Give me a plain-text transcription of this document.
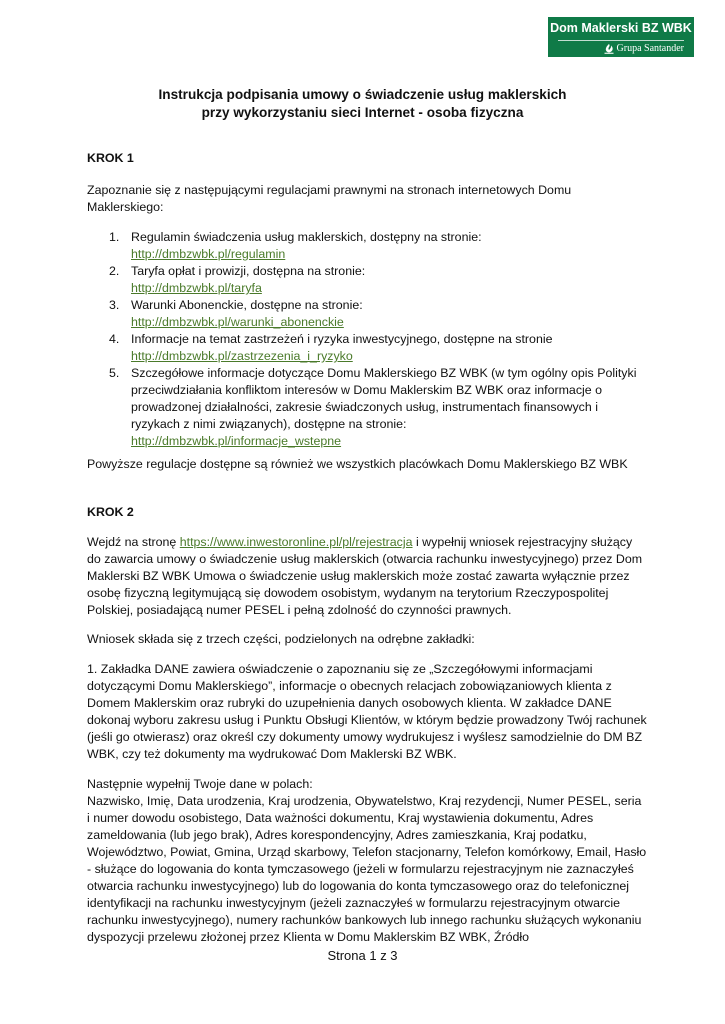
Dom Maklerski BZ WBK
Grupa Santander
Instrukcja podpisania umowy o świadczenie usług maklerskich
przy wykorzystaniu sieci Internet - osoba fizyczna

KROK 1

Zapoznanie się z następującymi regulacjami prawnymi na stronach internetowych Domu Maklerskiego:

1. Regulamin świadczenia usług maklerskich, dostępny na stronie:
http://dmbzwbk.pl/regulamin
2. Taryfa opłat i prowizji, dostępna na stronie:
http://dmbzwbk.pl/taryfa
3. Warunki Abonenckie, dostępne na stronie:
http://dmbzwbk.pl/warunki_abonenckie
4. Informacje na temat zastrzeżeń i ryzyka inwestycyjnego, dostępne na stronie
http://dmbzwbk.pl/zastrzezenia_i_ryzyko
5. Szczegółowe informacje dotyczące Domu Maklerskiego BZ WBK (w tym ogólny opis Polityki przeciwdziałania konfliktom interesów w Domu Maklerskim BZ WBK oraz informacje o prowadzonej działalności, zakresie świadczonych usług, instrumentach finansowych i ryzykach z nimi związanych), dostępne na stronie:
http://dmbzwbk.pl/informacje_wstepne

Powyższe regulacje dostępne są również we wszystkich placówkach Domu Maklerskiego BZ WBK

KROK 2

Wejdź na stronę https://www.inwestoronline.pl/pl/rejestracja i wypełnij wniosek rejestracyjny służący do zawarcia umowy o świadczenie usług maklerskich (otwarcia rachunku inwestycyjnego) przez Dom Maklerski BZ WBK Umowa o świadczenie usług maklerskich może zostać zawarta wyłącznie przez osobę fizyczną legitymującą się dowodem osobistym, wydanym na terytorium Rzeczypospolitej Polskiej, posiadającą numer PESEL i pełną zdolność do czynności prawnych.

Wniosek składa się z trzech części, podzielonych na odrębne zakładki:

1. Zakładka DANE zawiera oświadczenie o zapoznaniu się ze „Szczegółowymi informacjami dotyczącymi Domu Maklerskiego”, informacje o obecnych relacjach zobowiązaniowych klienta z Domem Maklerskim oraz rubryki do uzupełnienia danych osobowych klienta. W zakładce DANE dokonaj wyboru zakresu usług i Punktu Obsługi Klientów, w którym będzie prowadzony Twój rachunek (jeśli go otwierasz) oraz określ czy dokumenty umowy wydrukujesz i wyślesz samodzielnie do DM BZ WBK, czy też dokumenty ma wydrukować Dom Maklerski BZ WBK.

Następnie wypełnij Twoje dane w polach:
Nazwisko, Imię, Data urodzenia, Kraj urodzenia, Obywatelstwo, Kraj rezydencji, Numer PESEL, seria i numer dowodu osobistego, Data ważności dokumentu, Kraj wystawienia dokumentu, Adres zameldowania (lub jego brak), Adres korespondencyjny, Adres zamieszkania, Kraj podatku, Województwo, Powiat, Gmina, Urząd skarbowy, Telefon stacjonarny, Telefon komórkowy, Email, Hasło - służące do logowania do konta tymczasowego (jeżeli w formularzu rejestracyjnym nie zaznaczyłeś otwarcia rachunku inwestycyjnego) lub do logowania do konta tymczasowego oraz do telefonicznej identyfikacji na rachunku inwestycyjnym (jeżeli zaznaczyłeś w formularzu rejestracyjnym otwarcie rachunku inwestycyjnego), numery rachunków bankowych lub innego rachunku służących wykonaniu dyspozycji przelewu złożonej przez Klienta w Domu Maklerskim BZ WBK, Źródło

Strona 1 z 3
